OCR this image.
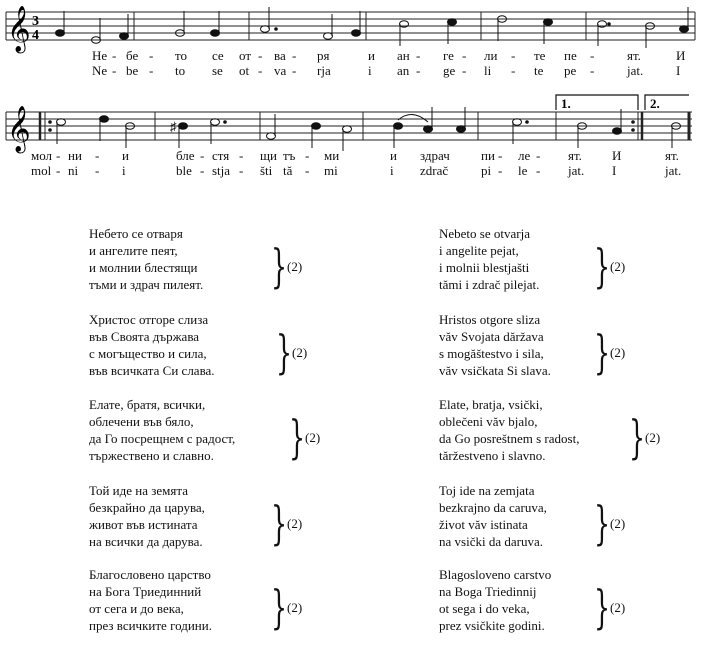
𝄞 3
4
Не
Ne
-
-
бе
be
-
-
то
to
се
se
от
ot
-
-
ва
va
-
-
ря
rja
и
i
ан
an
-
-
ге
ge
-
-
ли
li
-
-
те
te
пе
pe
-
-
ят.
jat.
И
I
𝄞
1.	2.
♯
мол
mol
-
-
ни
ni
-
-
и
i
бле
ble
-
-
стя
stja
-
-
щи
šti
тъ
tă
-
-
ми
mi
и
i
здрач
zdrač
пи
pi
-
-
ле
le
-
-
ят.
jat.
И
I
ят.
jat.
Небето се отваря
и ангелите пеят,
и молнии блестящи
тъми и здрач пилеят. } (2)
Христос отгоре слиза
във Своята държава
с могъщество и сила,
във всичката Си слава. } (2)
Елате, братя, всички,
облечени във бяло,
да Го посрещнем с радост,
тържествено и славно.	} (2)
Той иде на земята
безкрайно да царува,
живот във истината
на всички да дарува. } (2)
Благословено царство
на Бога Триединний
от сега и до века,
през всичките години. } (2)
Nebeto se otvarja
i angelite pejat,
i molnii blestjašti
tămi i zdrač pilejat. } (2)
Hristos otgore sliza
văv Svojata dăržava
s mogăštestvo i sila,
văv vsičkata Si slava. } (2)
Elate, bratja, vsički,
oblečeni văv bjalo,
da Go posreštnem s radost,
tăržestveno i slavno.	} (2)
Toj ide na zemjata
bezkrajno da caruva,
život văv istinata
na vsički da daruva. } (2)
Blagosloveno carstvo
na Boga Triedinnij
ot sega i do veka,
prez vsičkite godini. } (2)
